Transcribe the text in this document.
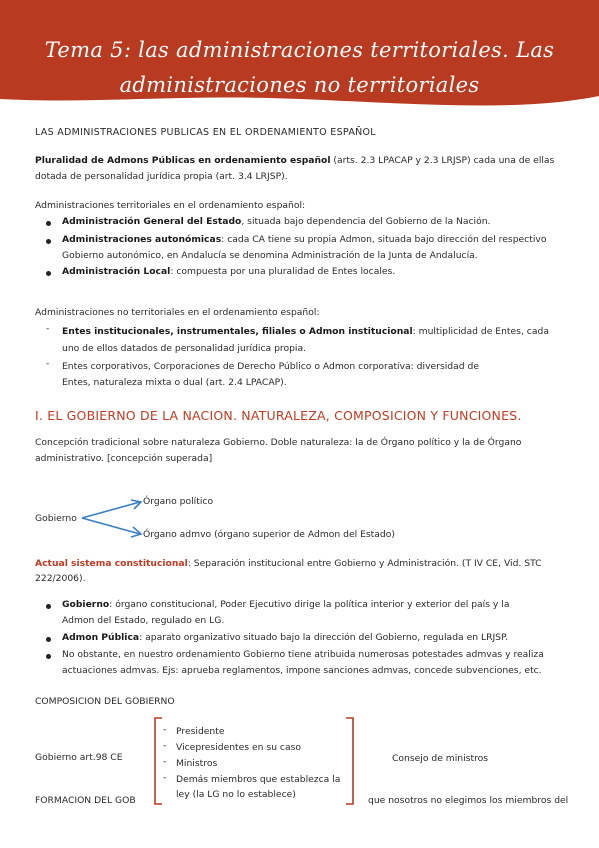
Tema 5: las administraciones territoriales. Las
administraciones no territoriales
LAS ADMINISTRACIONES PUBLICAS EN EL ORDENAMIENTO ESPAÑOL
Pluralidad de Admons Públicas en ordenamiento español (arts. 2.3 LPACAP y 2.3 LRJSP) cada una de ellas
dotada de personalidad jurídica propia (art. 3.4 LRJSP).
Administraciones territoriales en el ordenamiento español:
Administración General del Estado, situada bajo dependencia del Gobierno de la Nación.
Administraciones autonómicas: cada CA tiene su propia Admon, situada bajo dirección del respectivo
Gobierno autonómico, en Andalucía se denomina Administración de la Junta de Andalucía.
Administración Local: compuesta por una pluralidad de Entes locales.
Administraciones no territoriales en el ordenamiento español:
- Entes institucionales, instrumentales, filiales o Admon institucional: multiplicidad de Entes, cada
uno de ellos datados de personalidad jurídica propia.
- Entes corporativos, Corporaciones de Derecho Público o Admon corporativa: diversidad de
Entes, naturaleza mixta o dual (art. 2.4 LPACAP).
I. EL GOBIERNO DE LA NACION. NATURALEZA, COMPOSICION Y FUNCIONES.
Concepción tradicional sobre naturaleza Gobierno. Doble naturaleza: la de Órgano político y la de Órgano
administrativo. [concepción superada]
Gobierno
Órgano político
Órgano admvo (órgano superior de Admon del Estado)
Actual sistema constitucional: Separación institucional entre Gobierno y Administración. (T IV CE, Vid. STC
222/2006).
Gobierno: órgano constitucional, Poder Ejecutivo dirige la política interior y exterior del país y la
Admon del Estado, regulado en LG.
Admon Pública: aparato organizativo situado bajo la dirección del Gobierno, regulada en LRJSP.
No obstante, en nuestro ordenamiento Gobierno tiene atribuida numerosas potestades admvas y realiza
actuaciones admvas. Ejs: aprueba reglamentos, impone sanciones admvas, concede subvenciones, etc.
COMPOSICION DEL GOBIERNO
Gobierno art.98 CE
- Presidente
- Vicepresidentes en su caso
- Ministros
- Demás miembros que establezca la
ley (la LG no lo establece)
Consejo de ministros
FORMACION DEL GOB	que nosotros no elegimos los miembros del
